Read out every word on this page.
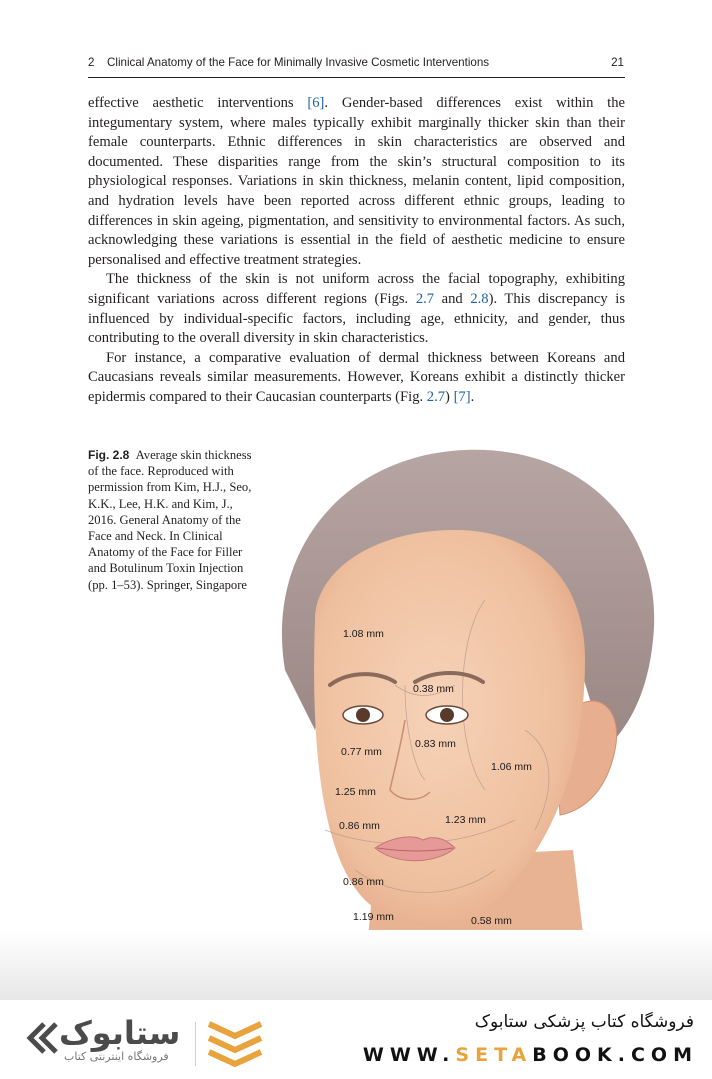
2 Clinical Anatomy of the Face for Minimally Invasive Cosmetic Interventions	21

effective aesthetic interventions [6]. Gender-based differences exist within the integumentary system, where males typically exhibit marginally thicker skin than their female counterparts. Ethnic differences in skin characteristics are observed and documented. These disparities range from the skin’s structural composition to its physiological responses. Variations in skin thickness, melanin content, lipid composition, and hydration levels have been reported across different ethnic groups, leading to differences in skin ageing, pigmentation, and sensitivity to environmental factors. As such, acknowledging these variations is essential in the field of aesthetic medicine to ensure personalised and effective treatment strategies.

The thickness of the skin is not uniform across the facial topography, exhibiting significant variations across different regions (Figs. 2.7 and 2.8). This discrepancy is influenced by individual-specific factors, including age, ethnicity, and gender, thus contributing to the overall diversity in skin characteristics.

For instance, a comparative evaluation of dermal thickness between Koreans and Caucasians reveals similar measurements. However, Koreans exhibit a distinctly thicker epidermis compared to their Caucasian counterparts (Fig. 2.7) [7].

Fig. 2.8 Average skin thickness of the face. Reproduced with permission from Kim, H.J., Seo, K.K., Lee, H.K. and Kim, J., 2016. General Anatomy of the Face and Neck. In Clinical Anatomy of the Face for Filler and Botulinum Toxin Injection (pp. 1–53). Springer, Singapore
1.08 mm
0.38 mm
0.83 mm
0.77 mm
1.06 mm
1.25 mm
1.23 mm
0.86 mm
0.86 mm
1.19 mm	0.58 mm
ستابوک
فروشگاه اینترنتی کتاب
فروشگاه کتاب پزشکی ستابوک
WWW.SETABOOK.COM
